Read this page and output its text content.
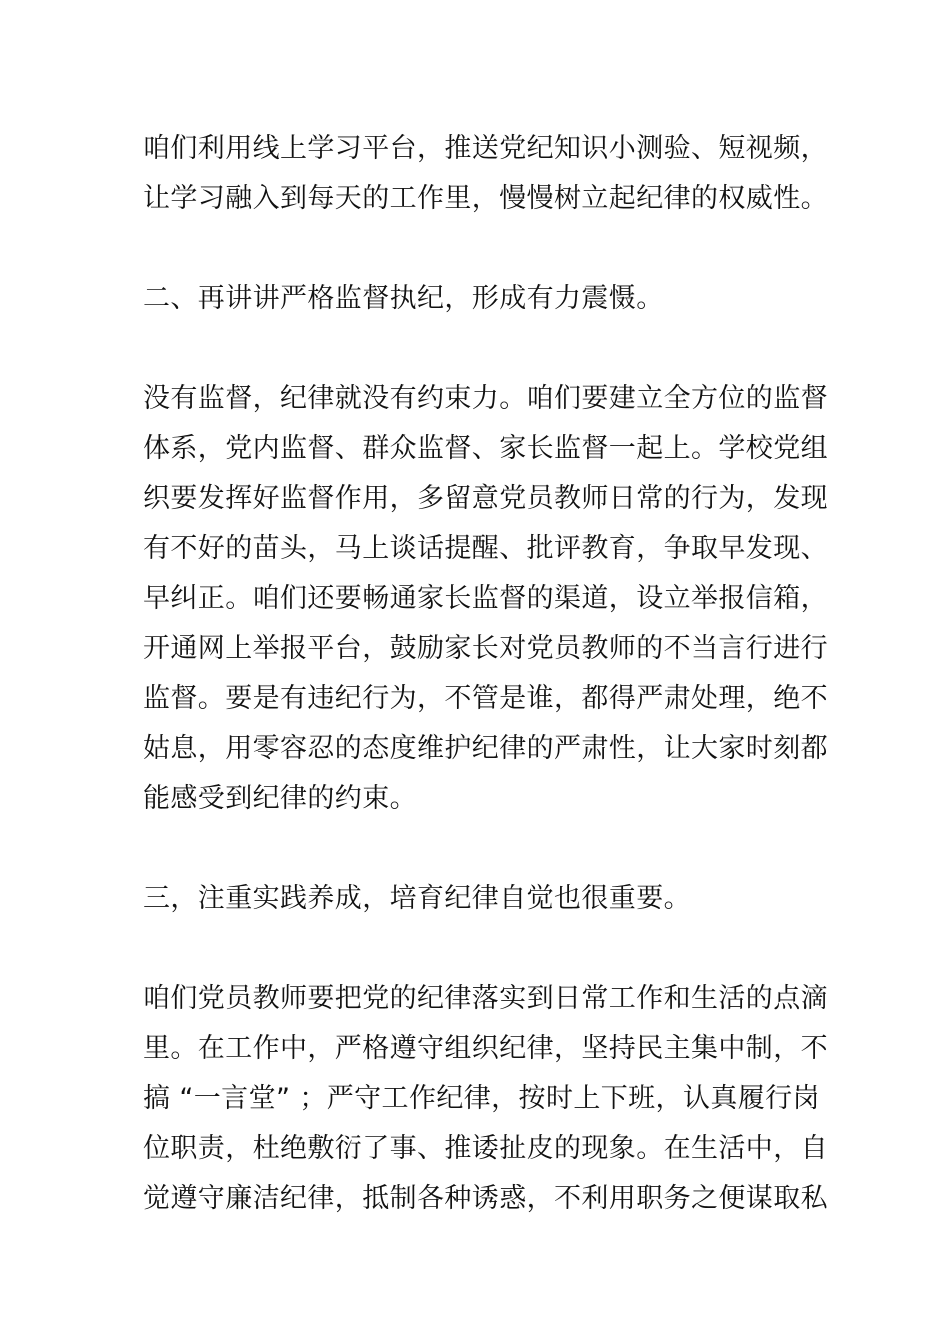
咱们利用线上学习平台，推送党纪知识小测验、短视频，
让学习融入到每天的工作里，慢慢树立起纪律的权威性。
二、再讲讲严格监督执纪，形成有力震慑。
没有监督，纪律就没有约束力。咱们要建立全方位的监督
体系，党内监督、群众监督、家长监督一起上。学校党组
织要发挥好监督作用，多留意党员教师日常的行为，发现
有不好的苗头，马上谈话提醒、批评教育，争取早发现、
早纠正。咱们还要畅通家长监督的渠道，设立举报信箱，
开通网上举报平台，鼓励家长对党员教师的不当言行进行
监督。要是有违纪行为，不管是谁，都得严肃处理，绝不
姑息，用零容忍的态度维护纪律的严肃性，让大家时刻都
能感受到纪律的约束。
三，注重实践养成，培育纪律自觉也很重要。
咱们党员教师要把党的纪律落实到日常工作和生活的点滴
里。在工作中，严格遵守组织纪律，坚持民主集中制，不
搞 “一言堂” ；严守工作纪律，按时上下班，认真履行岗
位职责，杜绝敷衍了事、推诿扯皮的现象。在生活中，自
觉遵守廉洁纪律，抵制各种诱惑，不利用职务之便谋取私
